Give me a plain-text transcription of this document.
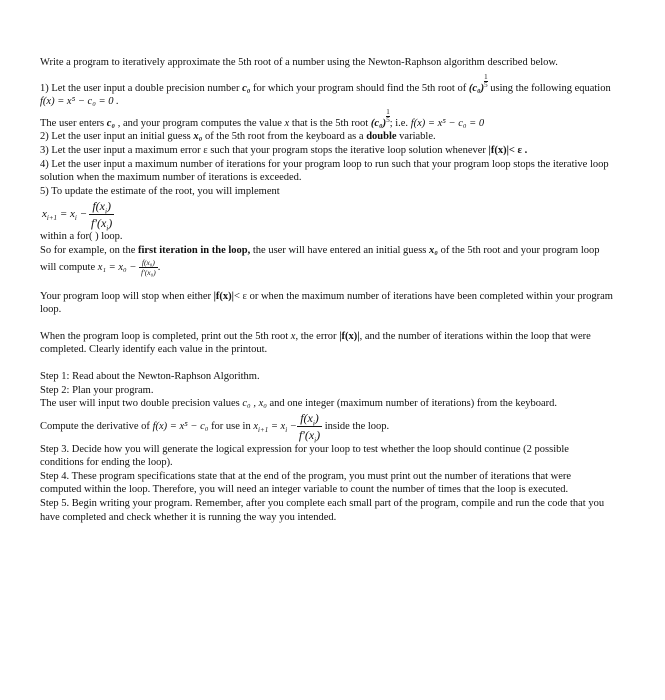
Write a program to iteratively approximate the 5th root of a number using the Newton-Raphson algorithm described below.

1) Let the user input a double precision number c₀ for which your program should find the 5th root of $(c_0) \frac{1}{5}$ using the following equation

f(x) = x⁵ − c₀ = 0 .

The user enters c₀ , and your program computes the value x that is the 5th root $(c_0) \frac{1}{5}$ ; i.e. f(x) = x⁵ − c₀ = 0

2) Let the user input an initial guess x₀ of the 5th root from the keyboard as a double variable.

3) Let the user input a maximum error ε such that your program stops the iterative loop solution whenever |f(x)|< ε .

4) Let the user input a maximum number of iterations for your program loop to run such that your program loop stops the iterative loop solution when the maximum number of iterations is exceeded.

5) To update the estimate of the root, you will implement

$x_{i+1} = x_i - \frac{f(x_i)}{f'(x_i)}$

within a for( ) loop.

So for example, on the first iteration in the loop, the user will have entered an initial guess x₀ of the 5th root and your program loop will compute $x_1 = x_0 - \frac{\text{f(x₀)}}{\text{f′(x₀)}}$ .

Your program loop will stop when either |f(x)|< ε or when the maximum number of iterations have been completed within your program loop.

When the program loop is completed, print out the 5th root x, the error |f(x)|, and the number of iterations within the loop that were completed. Clearly identify each value in the printout.

Step 1: Read about the Newton-Raphson Algorithm.

Step 2: Plan your program.

The user will input two double precision values c₀ , x₀ and one integer (maximum number of iterations) from the keyboard.

Compute the derivative of
f(x) = x⁵ − c₀
for use in
$x_{i+1} = x_i - \frac{f(x_i)}{f'(x_i)}$
inside the loop.

Step 3. Decide how you will generate the logical expression for your loop to test whether the loop should continue (2 possible conditions for ending the loop).

Step 4. These program specifications state that at the end of the program, you must print out the number of iterations that were computed within the loop. Therefore, you will need an integer variable to count the number of times that the loop is executed.

Step 5. Begin writing your program. Remember, after you complete each small part of the program, compile and run the code that you have completed and check whether it is running the way you intended.
